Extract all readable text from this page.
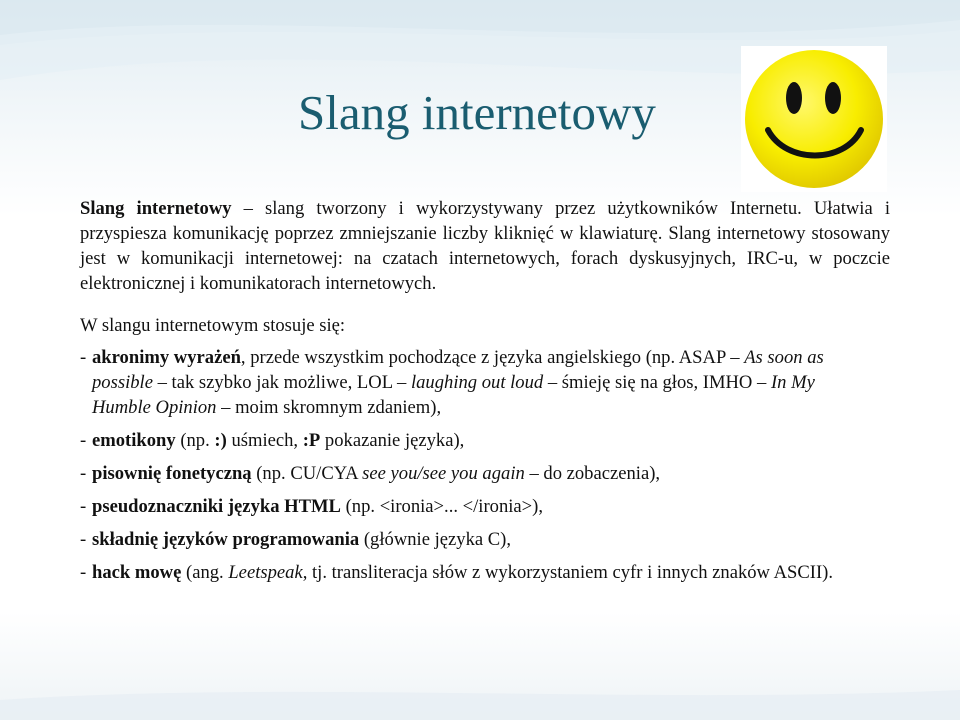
Slang internetowy

Slang internetowy – slang tworzony i wykorzystywany przez użytkowników Internetu. Ułatwia i przyspiesza komunikację poprzez zmniejszanie liczby kliknięć w klawiaturę. Slang internetowy stosowany jest w komunikacji internetowej: na czatach internetowych, forach dyskusyjnych, IRC-u, w poczcie elektronicznej i komunikatorach internetowych.

W slangu internetowym stosuje się:

- akronimy wyrażeń, przede wszystkim pochodzące z języka angielskiego (np. ASAP – As soon as possible – tak szybko jak możliwe, LOL – laughing out loud – śmieję się na głos, IMHO – In My Humble Opinion – moim skromnym zdaniem),
- emotikony (np. :) uśmiech, :P pokazanie języka),
- pisownię fonetyczną (np. CU/CYA see you/see you again – do zobaczenia),
- pseudoznaczniki języka HTML (np. <ironia>... </ironia>),
- składnię języków programowania (głównie języka C),
- hack mowę (ang. Leetspeak, tj. transliteracja słów z wykorzystaniem cyfr i innych znaków ASCII).
